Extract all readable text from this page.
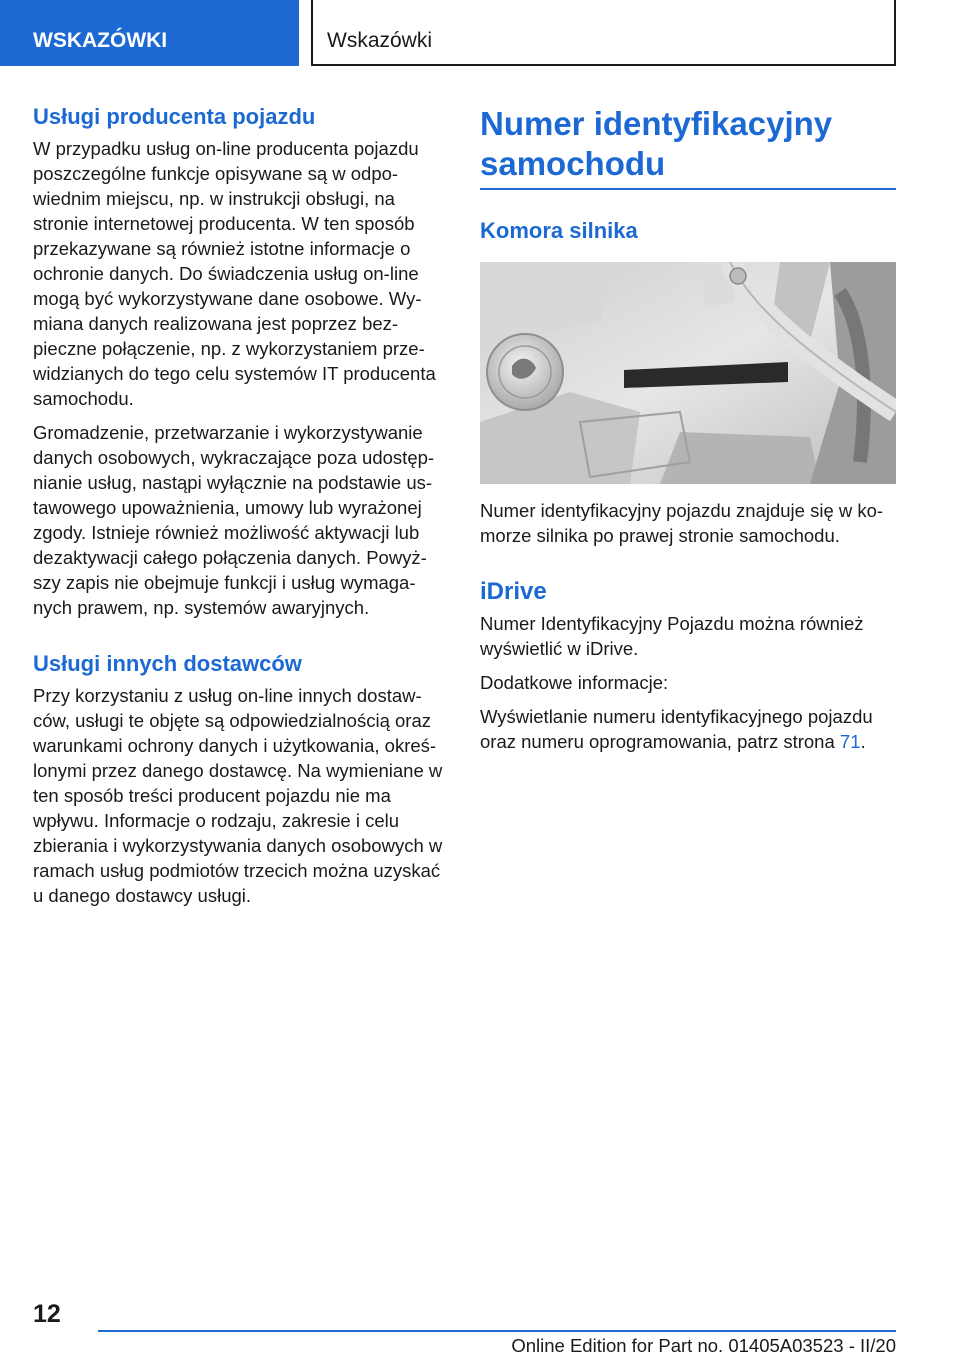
WSKAZÓWKI	Wskazówki
Usługi producenta pojazdu

W przypadku usług on-line producenta pojazdu poszczególne funkcje opisywane są w odpo-wiednim miejscu, np. w instrukcji obsługi, na stronie internetowej producenta. W ten sposób przekazywane są również istotne informacje o ochronie danych. Do świadczenia usług on-line mogą być wykorzystywane dane osobowe. Wy-miana danych realizowana jest poprzez bez-pieczne połączenie, np. z wykorzystaniem prze-widzianych do tego celu systemów IT producenta samochodu.

Gromadzenie, przetwarzanie i wykorzystywanie danych osobowych, wykraczające poza udostęp-nianie usług, nastąpi wyłącznie na podstawie us-tawowego upoważnienia, umowy lub wyrażonej zgody. Istnieje również możliwość aktywacji lub dezaktywacji całego połączenia danych. Powyż-szy zapis nie obejmuje funkcji i usług wymaga-nych prawem, np. systemów awaryjnych.

Usługi innych dostawców

Przy korzystaniu z usług on-line innych dostaw-ców, usługi te objęte są odpowiedzialnością oraz warunkami ochrony danych i użytkowania, okreś-lonymi przez danego dostawcę. Na wymieniane w ten sposób treści producent pojazdu nie ma wpływu. Informacje o rodzaju, zakresie i celu zbierania i wykorzystywania danych osobowych w ramach usług podmiotów trzecich można uzyskać u danego dostawcy usługi.

Numer identyfikacyjny samochodu
Komora silnika

Numer identyfikacyjny pojazdu znajduje się w ko-morze silnika po prawej stronie samochodu.

iDrive

Numer Identyfikacyjny Pojazdu można również wyświetlić w iDrive.

Dodatkowe informacje:

Wyświetlanie numeru identyfikacyjnego pojazdu oraz numeru oprogramowania, patrz strona 71.

12
Online Edition for Part no. 01405A03523 - II/20
